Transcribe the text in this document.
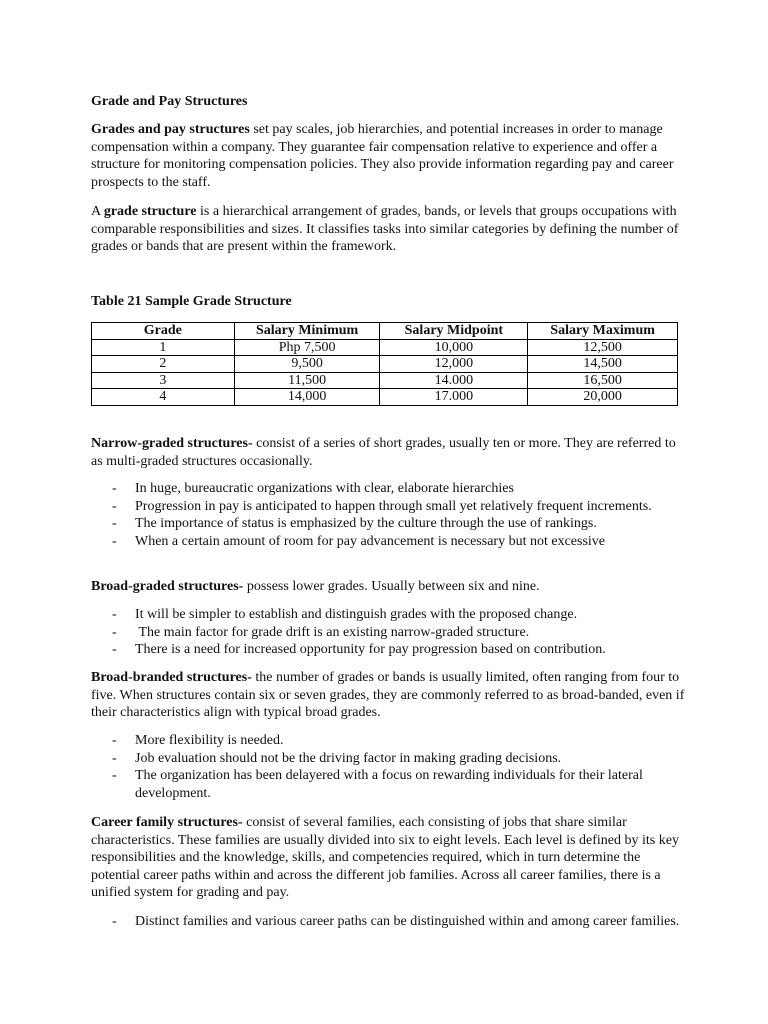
Grade and Pay Structures

Grades and pay structures set pay scales, job hierarchies, and potential increases in order to manage compensation within a company. They guarantee fair compensation relative to experience and offer a structure for monitoring compensation policies. They also provide information regarding pay and career prospects to the staff.

A grade structure is a hierarchical arrangement of grades, bands, or levels that groups occupations with comparable responsibilities and sizes. It classifies tasks into similar categories by defining the number of grades or bands that are present within the framework.

Table 21 Sample Grade Structure

Grade	Salary Minimum	Salary Midpoint	Salary Maximum
1	Php 7,500	10,000	12,500
2	9,500	12,000	14,500
3	11,500	14.000	16,500
4	14,000	17.000	20,000

Narrow-graded structures- consist of a series of short grades, usually ten or more. They are referred to as multi-graded structures occasionally.

- In huge, bureaucratic organizations with clear, elaborate hierarchies
- Progression in pay is anticipated to happen through small yet relatively frequent increments.
- The importance of status is emphasized by the culture through the use of rankings.
- When a certain amount of room for pay advancement is necessary but not excessive

Broad-graded structures- possess lower grades. Usually between six and nine.

- It will be simpler to establish and distinguish grades with the proposed change.
- The main factor for grade drift is an existing narrow-graded structure.
- There is a need for increased opportunity for pay progression based on contribution.

Broad-branded structures- the number of grades or bands is usually limited, often ranging from four to five. When structures contain six or seven grades, they are commonly referred to as broad-banded, even if their characteristics align with typical broad grades.

- More flexibility is needed.
- Job evaluation should not be the driving factor in making grading decisions.
- The organization has been delayered with a focus on rewarding individuals for their lateral development.

Career family structures- consist of several families, each consisting of jobs that share similar characteristics. These families are usually divided into six to eight levels. Each level is defined by its key responsibilities and the knowledge, skills, and competencies required, which in turn determine the potential career paths within and across the different job families. Across all career families, there is a unified system for grading and pay.

- Distinct families and various career paths can be distinguished within and among career families.
